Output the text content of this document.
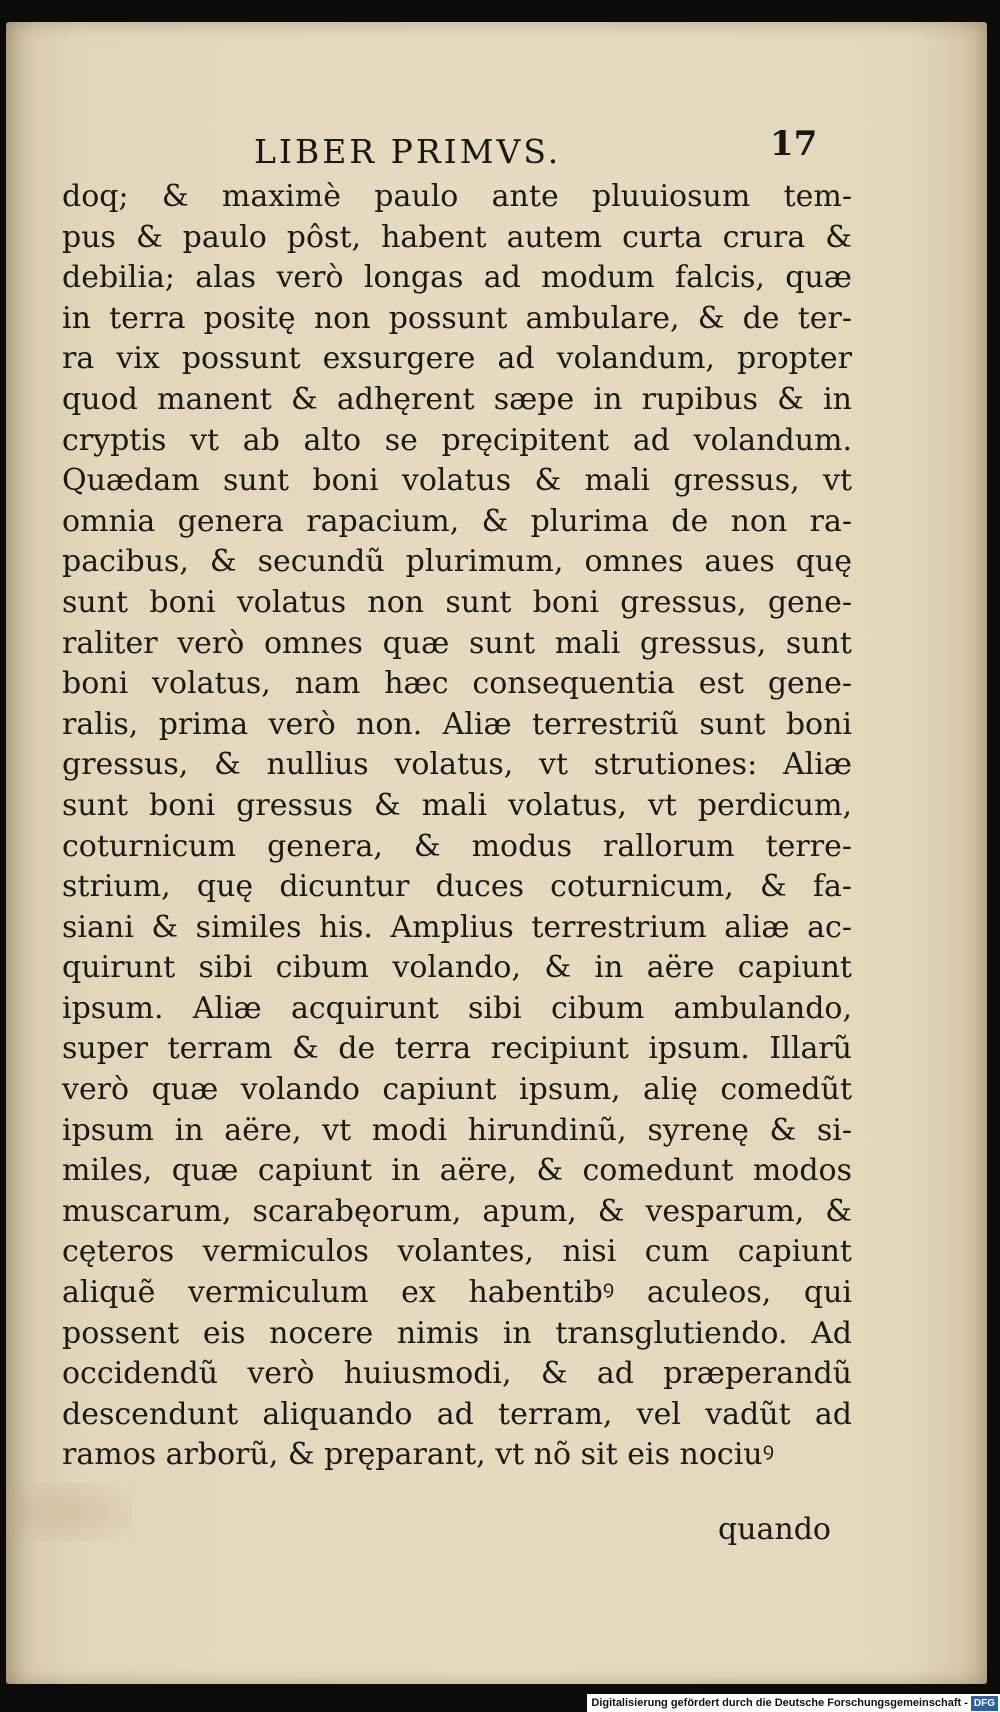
LIBER PRIMVS.	17
doq; & maximè paulo ante pluuiosum tem-
pus & paulo pôst, habent autem curta crura &
debilia; alas verò longas ad modum falcis, quæ
in terra positę non possunt ambulare, & de ter-
ra vix possunt exsurgere ad volandum, propter
quod manent & adhęrent sæpe in rupibus & in
cryptis vt ab alto se pręcipitent ad volandum.
Quædam sunt boni volatus & mali gressus, vt
omnia genera rapacium, & plurima de non ra-
pacibus, & secundũ plurimum, omnes aues quę
sunt boni volatus non sunt boni gressus, gene-
raliter verò omnes quæ sunt mali gressus, sunt
boni volatus, nam hæc consequentia est gene-
ralis, prima verò non. Aliæ terrestriũ sunt boni
gressus, & nullius volatus, vt strutiones: Aliæ
sunt boni gressus & mali volatus, vt perdicum,
coturnicum genera, & modus rallorum terre-
strium, quę dicuntur duces coturnicum, & fa-
siani & similes his. Amplius terrestrium aliæ ac-
quirunt sibi cibum volando, & in aëre capiunt
ipsum. Aliæ acquirunt sibi cibum ambulando,
super terram & de terra recipiunt ipsum. Illarũ
verò quæ volando capiunt ipsum, alię comedũt
ipsum in aëre, vt modi hirundinũ, syrenę & si-
miles, quæ capiunt in aëre, & comedunt modos
muscarum, scarabęorum, apum, & vesparum, &
cęteros vermiculos volantes, nisi cum capiunt
aliquẽ vermiculum ex habentibꝰ aculeos, qui
possent eis nocere nimis in transglutiendo. Ad
occidendũ verò huiusmodi, & ad præperandũ
descendunt aliquando ad terram, vel vadũt ad
ramos arborũ, & pręparant, vt nõ sit eis nociuꝰ
quando
Digitalisierung gefördert durch die Deutsche Forschungsgemeinschaft - DFG
